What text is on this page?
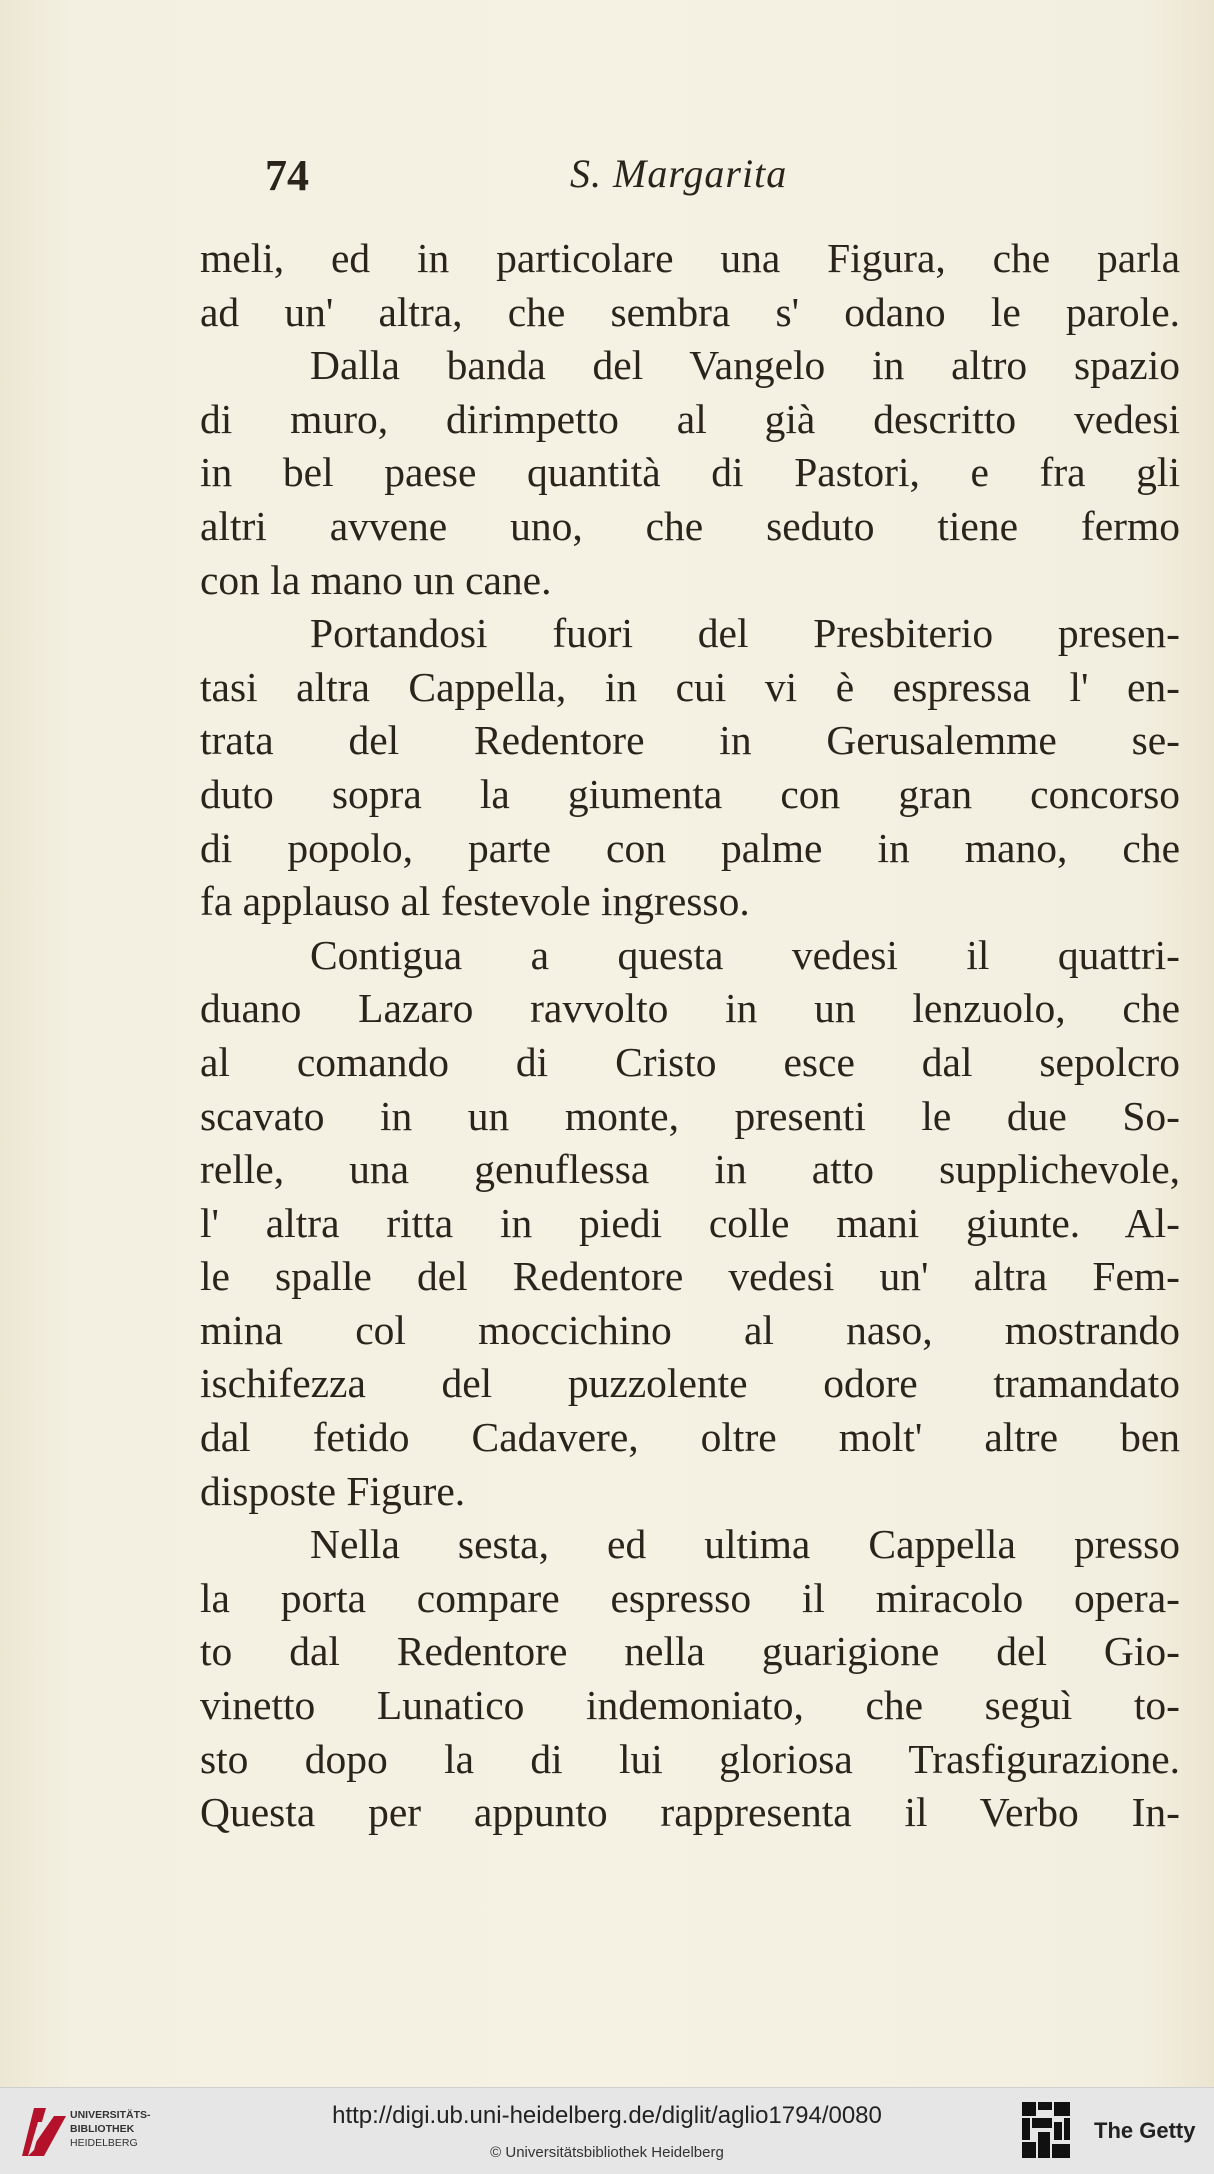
74	S. Margarita
meli, ed in particolare una Figura, che parla
ad un' altra, che sembra s' odano le parole.
Dalla banda del Vangelo in altro spazio
di muro, dirimpetto al già descritto vedesi
in bel paese quantità di Pastori, e fra gli
altri avvene uno, che seduto tiene fermo
con la mano un cane.
Portandosi fuori del Presbiterio presen-
tasi altra Cappella, in cui vi è espressa l' en-
trata del Redentore in Gerusalemme se-
duto sopra la giumenta con gran concorso
di popolo, parte con palme in mano, che
fa applauso al festevole ingresso.
Contigua a questa vedesi il quattri-
duano Lazaro ravvolto in un lenzuolo, che
al comando di Cristo esce dal sepolcro
scavato in un monte, presenti le due So-
relle, una genuflessa in atto supplichevole,
l' altra ritta in piedi colle mani giunte. Al-
le spalle del Redentore vedesi un' altra Fem-
mina col moccichino al naso, mostrando
ischifezza del puzzolente odore tramandato
dal fetido Cadavere, oltre molt' altre ben
disposte Figure.
Nella sesta, ed ultima Cappella presso
la porta compare espresso il miracolo opera-
to dal Redentore nella guarigione del Gio-
vinetto Lunatico indemoniato, che seguì to-
sto dopo la di lui gloriosa Trasfigurazione.
Questa per appunto rappresenta il Verbo In-
UNIVERSITÄTS-
BIBLIOTHEK
HEIDELBERG
http://digi.ub.uni-heidelberg.de/diglit/aglio1794/0080
© Universitätsbibliothek Heidelberg
The Getty
